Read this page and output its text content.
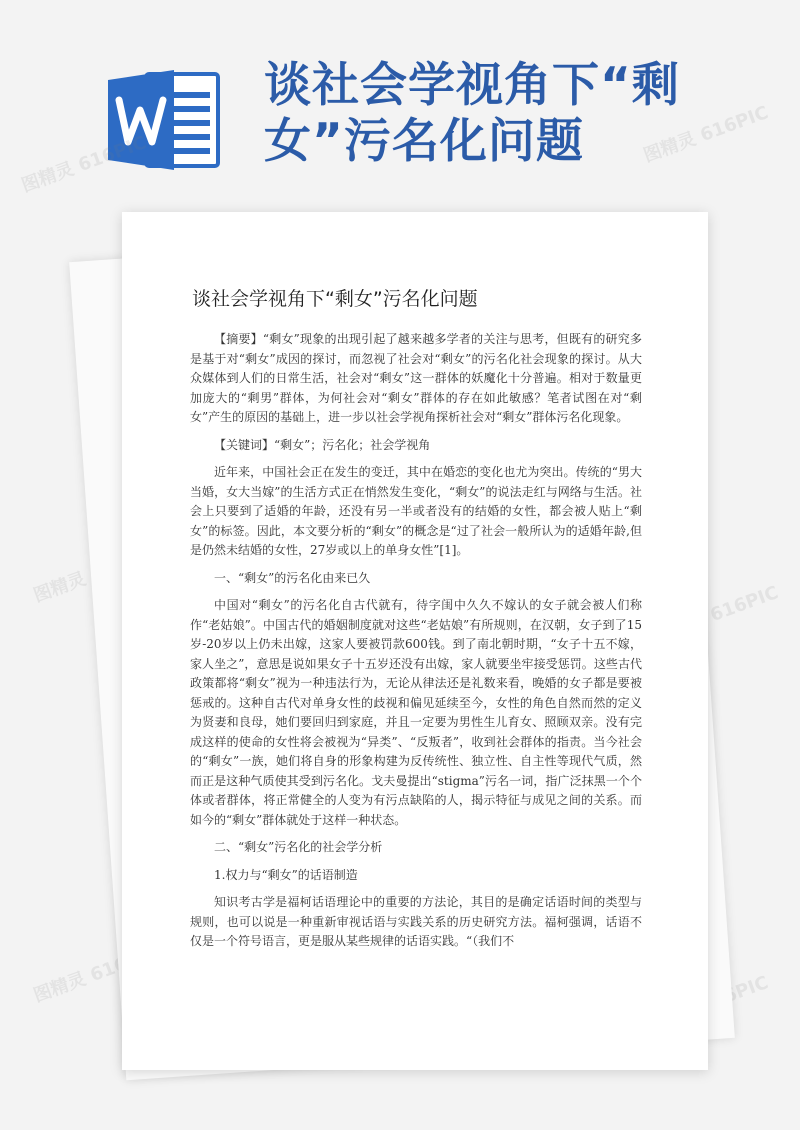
谈社会学视角下“剩女”污名化问题
图精灵 616PIC	图精灵 616PIC
图精灵	图精灵 616PIC
图精灵 616PIC	616PIC
谈社会学视角下“剩女”污名化问题

【摘要】“剩女”现象的出现引起了越来越多学者的关注与思考，但既有的研究多是基于对“剩女”成因的探讨，而忽视了社会对“剩女”的污名化社会现象的探讨。从大众媒体到人们的日常生活，社会对“剩女”这一群体的妖魔化十分普遍。相对于数量更加庞大的“剩男”群体，为何社会对“剩女”群体的存在如此敏感？笔者试图在对“剩女”产生的原因的基础上，进一步以社会学视角探析社会对“剩女”群体污名化现象。

【关键词】“剩女”；污名化；社会学视角

近年来，中国社会正在发生的变迁，其中在婚恋的变化也尤为突出。传统的“男大当婚，女大当嫁”的生活方式正在悄然发生变化，“剩女”的说法走红与网络与生活。社会上只要到了适婚的年龄，还没有另一半或者没有的结婚的女性，都会被人贴上“剩女”的标签。因此，本文要分析的“剩女”的概念是“过了社会一般所认为的适婚年龄,但是仍然未结婚的女性，27岁或以上的单身女性”[1]。

一、“剩女”的污名化由来已久

中国对“剩女”的污名化自古代就有，待字闺中久久不嫁认的女子就会被人们称作“老姑娘”。中国古代的婚姻制度就对这些“老姑娘”有所规则，在汉朝，女子到了15岁-20岁以上仍未出嫁，这家人要被罚款600钱。到了南北朝时期，“女子十五不嫁，家人坐之”，意思是说如果女子十五岁还没有出嫁，家人就要坐牢接受惩罚。这些古代政策都将“剩女”视为一种违法行为，无论从律法还是礼数来看，晚婚的女子都是要被惩戒的。这种自古代对单身女性的歧视和偏见延续至今，女性的角色自然而然的定义为贤妻和良母，她们要回归到家庭，并且一定要为男性生儿育女、照顾双亲。没有完成这样的使命的女性将会被视为“异类”、“反叛者”，收到社会群体的指责。当今社会的“剩女”一族，她们将自身的形象构建为反传统性、独立性、自主性等现代气质，然而正是这种气质使其受到污名化。戈夫曼提出“stigma”污名一词，指广泛抹黑一个个体或者群体，将正常健全的人变为有污点缺陷的人，揭示特征与成见之间的关系。而如今的“剩女”群体就处于这样一种状态。

二、“剩女”污名化的社会学分析

1.权力与“剩女”的话语制造

知识考古学是福柯话语理论中的重要的方法论，其目的是确定话语时间的类型与规则，也可以说是一种重新审视话语与实践关系的历史研究方法。福柯强调，话语不仅是一个符号语言，更是服从某些规律的话语实践。“（我们不
